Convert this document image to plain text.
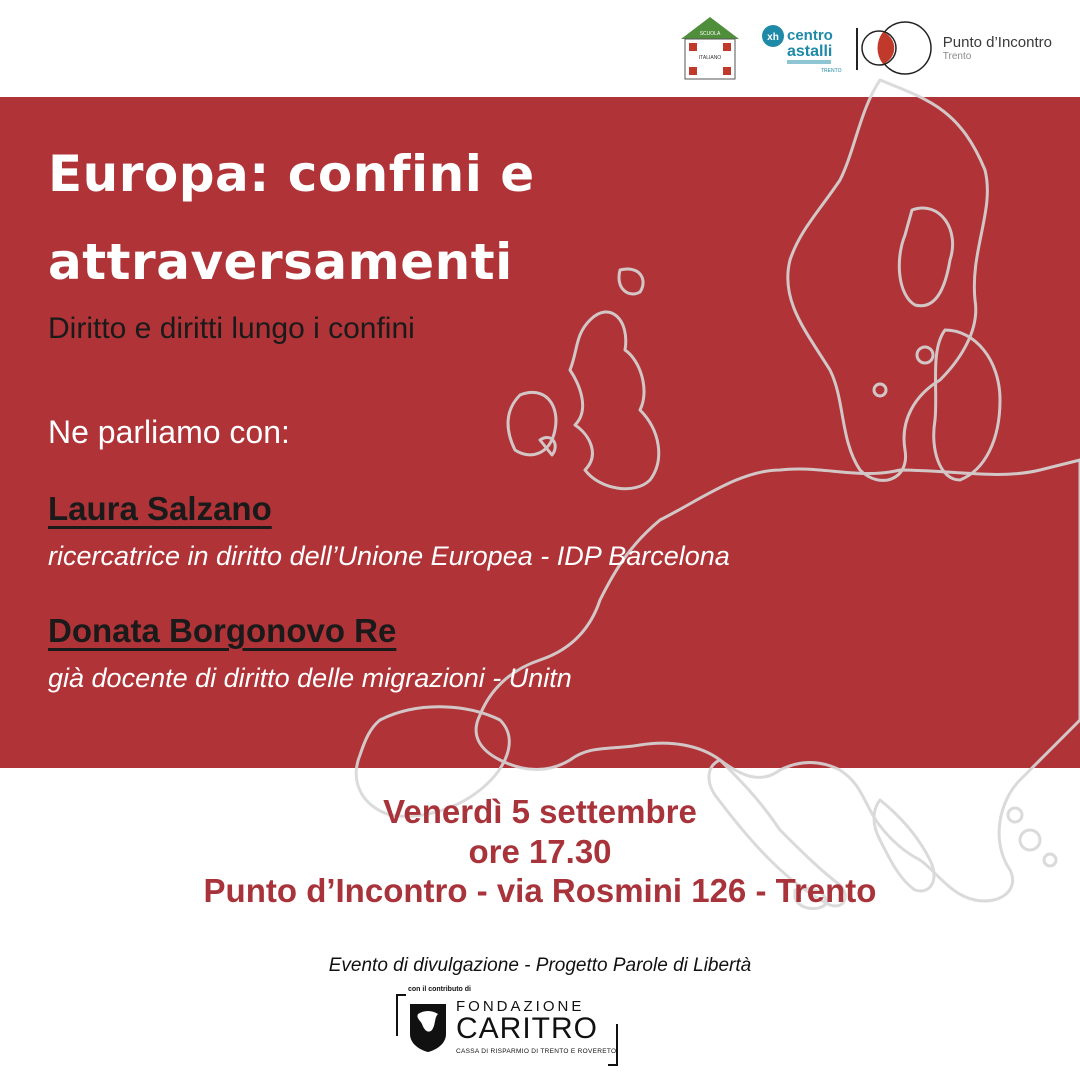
SCUOLA
ITALIANO
xh centro
astalli
TRENTO
Punto d’Incontro
Trento
Europa: confini e attraversamenti

Diritto e diritti lungo i confini

Ne parliamo con:

Laura Salzano

ricercatrice in diritto dell’Unione Europea - IDP Barcelona

Donata Borgonovo Re

già docente di diritto delle migrazioni - Unitn

Venerdì 5 settembre

ore 17.30

Punto d’Incontro - via Rosmini 126 - Trento

Evento di divulgazione - Progetto Parole di Libertà

con il contributo di
FONDAZIONE
CARITRO
CASSA DI RISPARMIO DI TRENTO E ROVERETO
